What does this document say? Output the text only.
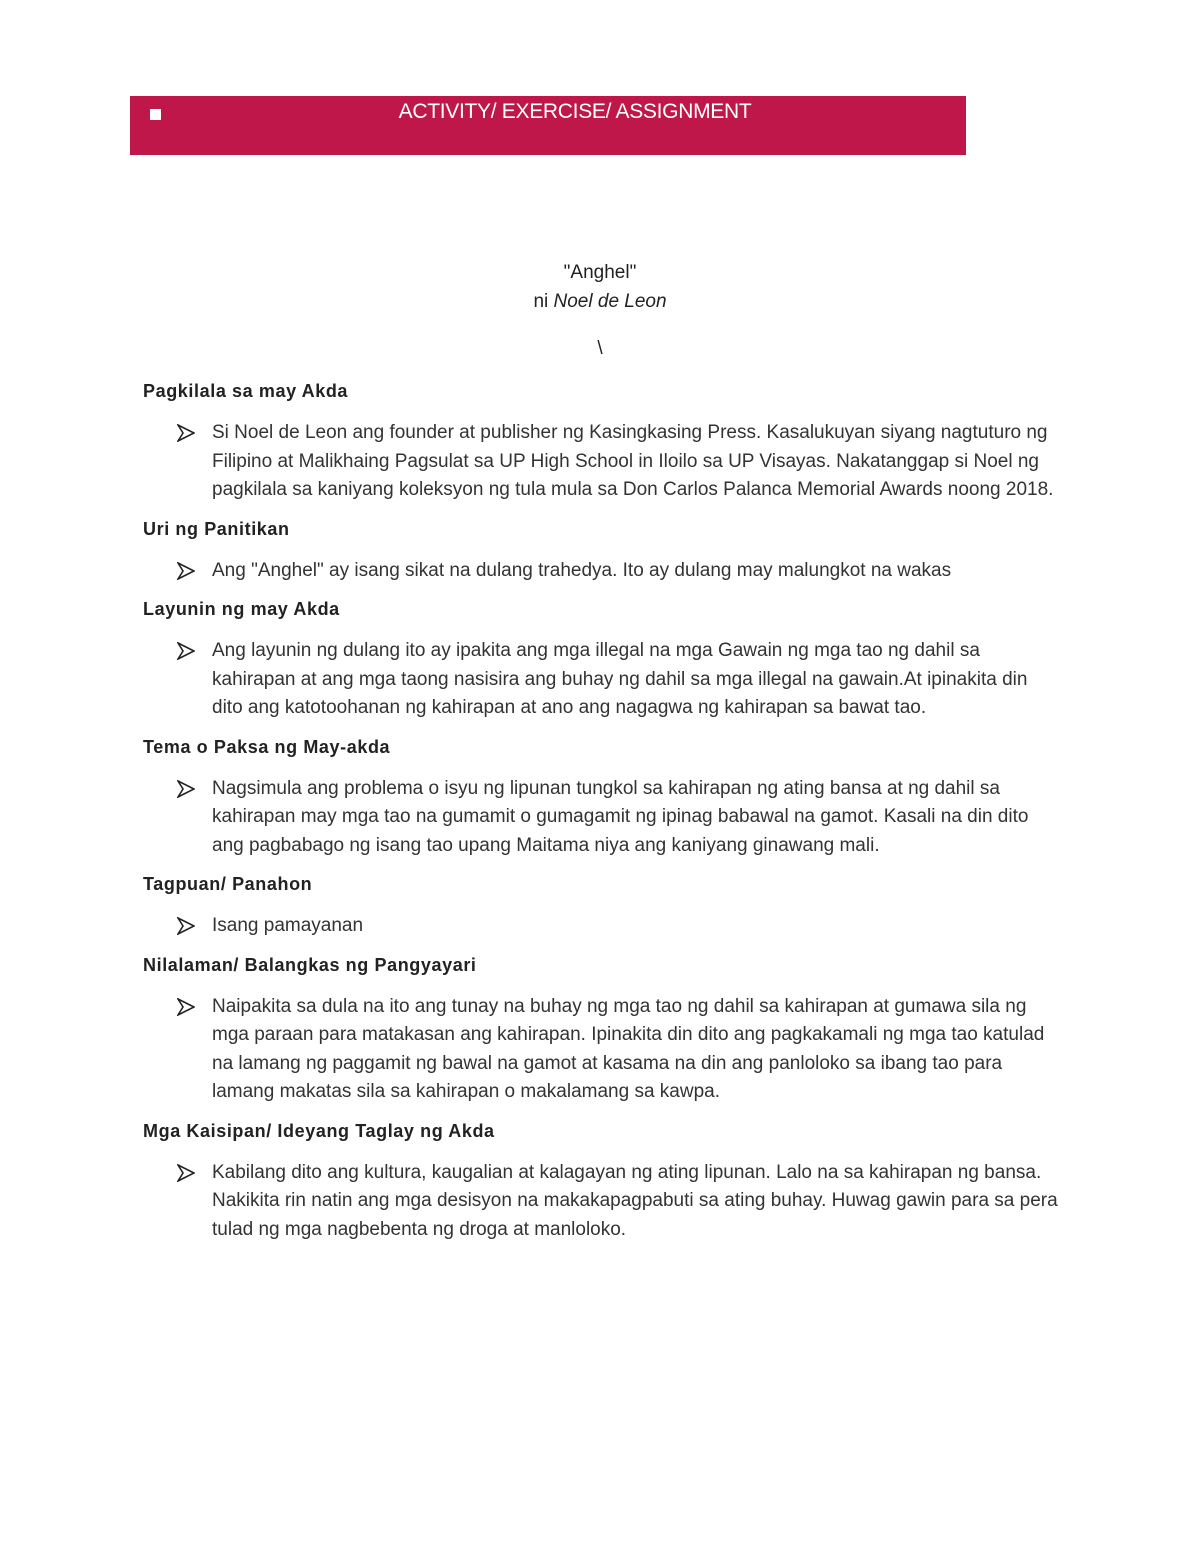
ACTIVITY/ EXERCISE/ ASSIGNMENT
"Anghel"
ni Noel de Leon
\
Pagkilala sa may Akda
Si Noel de Leon ang founder at publisher ng Kasingkasing Press. Kasalukuyan siyang nagtuturo ng Filipino at Malikhaing Pagsulat sa UP High School in Iloilo sa UP Visayas. Nakatanggap si Noel ng pagkilala sa kaniyang koleksyon ng tula mula sa Don Carlos Palanca Memorial Awards noong 2018.
Uri ng Panitikan
Ang "Anghel" ay isang sikat na dulang trahedya. Ito ay dulang may malungkot na wakas
Layunin ng may Akda
Ang layunin ng dulang ito ay ipakita ang mga illegal na mga Gawain ng mga tao ng dahil sa kahirapan at ang mga taong nasisira ang buhay ng dahil sa mga illegal na gawain.At ipinakita din dito ang katotoohanan ng kahirapan at ano ang nagagwa ng kahirapan sa bawat tao.
Tema o Paksa ng May-akda
Nagsimula ang problema o isyu ng lipunan tungkol sa kahirapan ng ating bansa at ng dahil sa kahirapan may mga tao na gumamit o gumagamit ng ipinag babawal na gamot. Kasali na din dito ang pagbabago ng isang tao upang Maitama niya ang kaniyang ginawang mali.
Tagpuan/ Panahon
Isang pamayanan
Nilalaman/ Balangkas ng Pangyayari
Naipakita sa dula na ito ang tunay na buhay ng mga tao ng dahil sa kahirapan at gumawa sila ng mga paraan para matakasan ang kahirapan. Ipinakita din dito ang pagkakamali ng mga tao katulad na lamang ng paggamit ng bawal na gamot at kasama na din ang panloloko sa ibang tao para lamang makatas sila sa kahirapan o makalamang sa kawpa.
Mga Kaisipan/ Ideyang Taglay ng Akda
Kabilang dito ang kultura, kaugalian at kalagayan ng ating lipunan. Lalo na sa kahirapan ng bansa. Nakikita rin natin ang mga desisyon na makakapagpabuti sa ating buhay. Huwag gawin para sa pera tulad ng mga nagbebenta ng droga at manloloko.
